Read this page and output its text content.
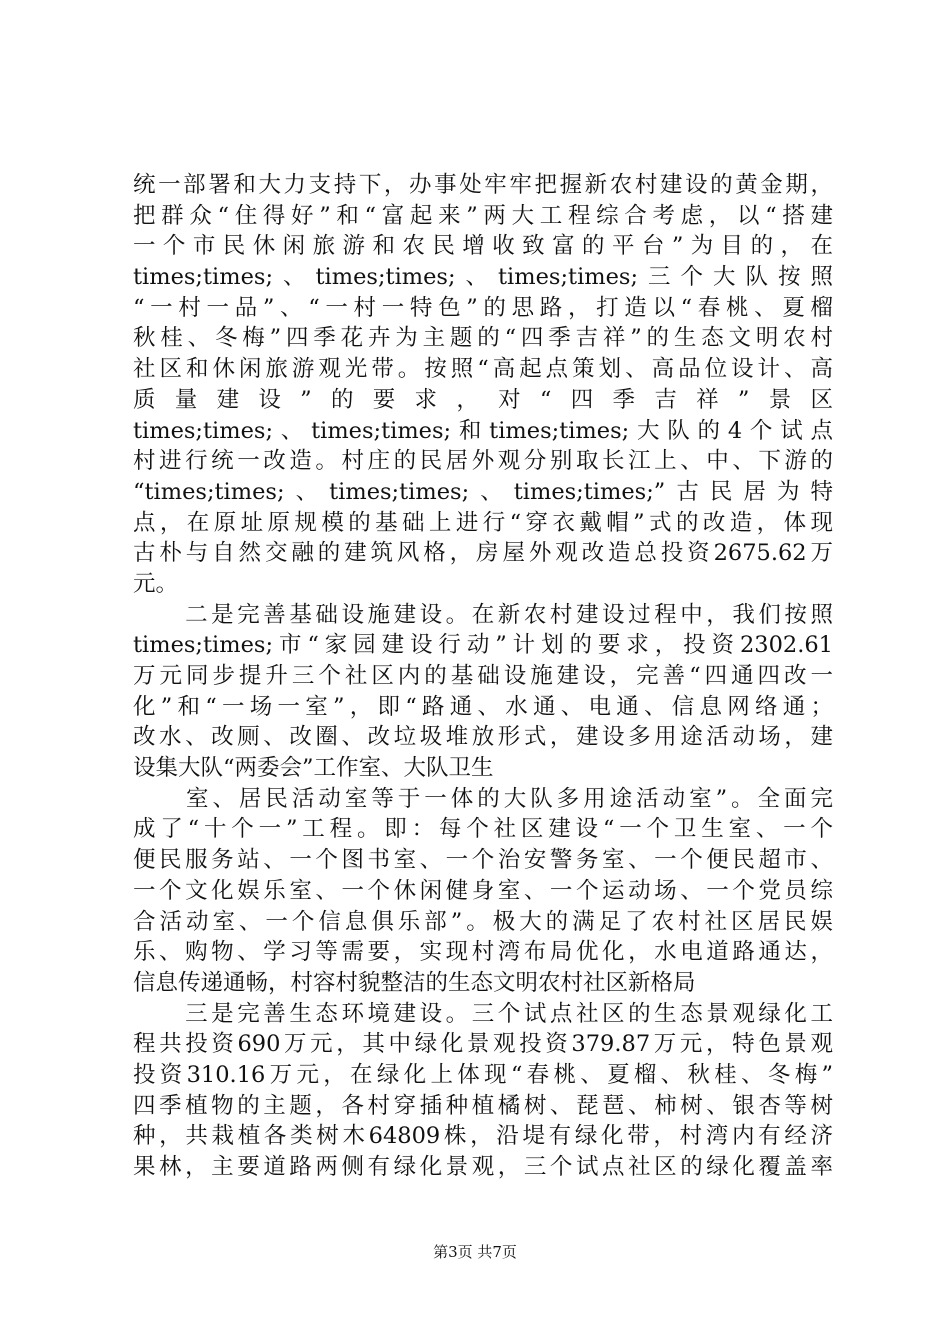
统一部署和大力支持下，办事处牢牢把握新农村建设的黄金期，
把群众“住得好”和“富起来”两大工程综合考虑，以“搭建
一个市民休闲旅游和农民增收致富的平台”为目的，在
times;times;、times;times;、times;times;三个大队按照
“一村一品”、“一村一特色”的思路，打造以“春桃、夏榴
秋桂、冬梅”四季花卉为主题的“四季吉祥”的生态文明农村
社区和休闲旅游观光带。按照“高起点策划、高品位设计、高
质量建设”的要求，对“四季吉祥”景区
times;times;、times;times;和times;times;大队的4个试点
村进行统一改造。村庄的民居外观分别取长江上、中、下游的
“times;times;、times;times;、times;times;”古民居为特
点，在原址原规模的基础上进行“穿衣戴帽”式的改造，体现
古朴与自然交融的建筑风格，房屋外观改造总投资2675.62万
元。
　　二是完善基础设施建设。在新农村建设过程中，我们按照
times;times;市“家园建设行动”计划的要求，投资2302.61
万元同步提升三个社区内的基础设施建设，完善“四通四改一
化”和“一场一室”，即“路通、水通、电通、信息网络通；
改水、改厕、改圈、改垃圾堆放形式，建设多用途活动场，建
设集大队“两委会”工作室、大队卫生
　　室、居民活动室等于一体的大队多用途活动室”。全面完
成了“十个一”工程。即：每个社区建设“一个卫生室、一个
便民服务站、一个图书室、一个治安警务室、一个便民超市、
一个文化娱乐室、一个休闲健身室、一个运动场、一个党员综
合活动室、一个信息俱乐部”。极大的满足了农村社区居民娱
乐、购物、学习等需要，实现村湾布局优化，水电道路通达，
信息传递通畅，村容村貌整洁的生态文明农村社区新格局
　　三是完善生态环境建设。三个试点社区的生态景观绿化工
程共投资690万元，其中绿化景观投资379.87万元，特色景观
投资310.16万元，在绿化上体现“春桃、夏榴、秋桂、冬梅”
四季植物的主题，各村穿插种植橘树、琵琶、柿树、银杏等树
种，共栽植各类树木64809株，沿堤有绿化带，村湾内有经济
果林，主要道路两侧有绿化景观，三个试点社区的绿化覆盖率
第3页 共7页
